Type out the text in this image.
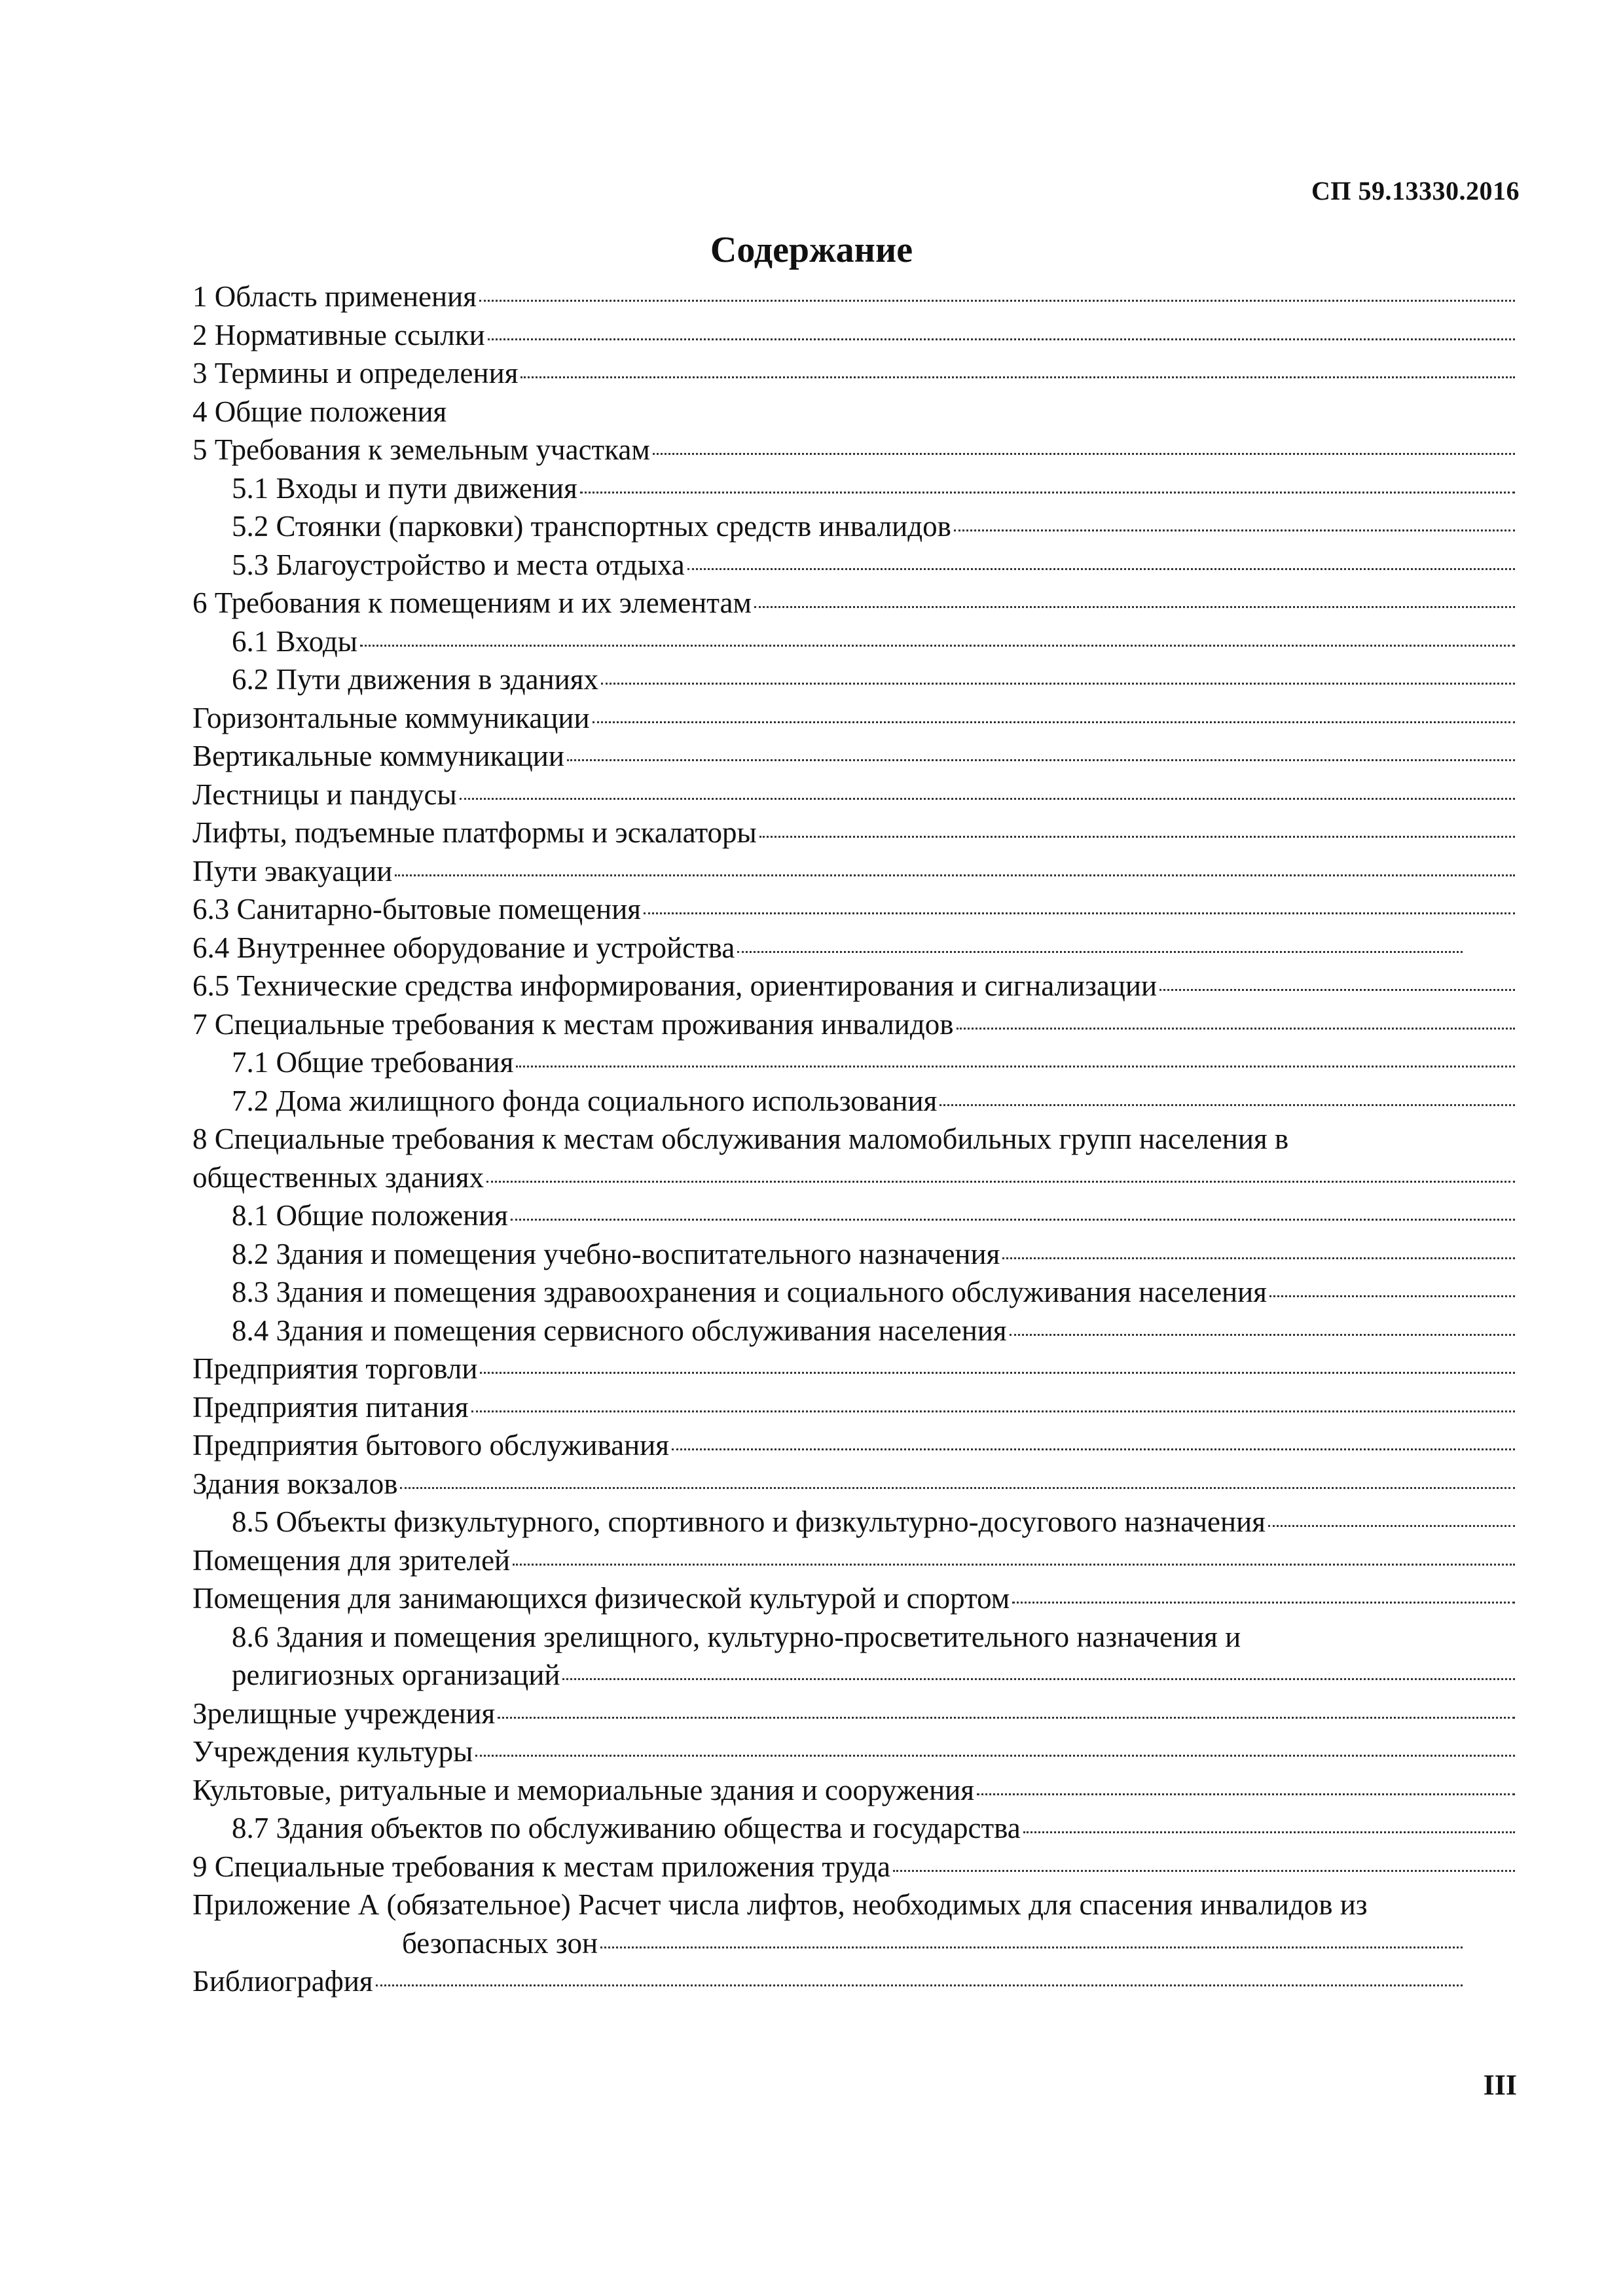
СП 59.13330.2016
Содержание
1 Область применения
2 Нормативные ссылки
3 Термины и определения
4 Общие положения
5 Требования к земельным участкам
5.1 Входы и пути движения
5.2 Стоянки (парковки) транспортных средств инвалидов
5.3 Благоустройство и места отдыха
6 Требования к помещениям и их элементам
6.1 Входы
6.2 Пути движения в зданиях
Горизонтальные коммуникации
Вертикальные коммуникации
Лестницы и пандусы
Лифты, подъемные платформы и эскалаторы
Пути эвакуации
6.3 Санитарно-бытовые помещения
6.4 Внутреннее оборудование и устройства
6.5 Технические средства информирования, ориентирования и сигнализации
7 Специальные требования к местам проживания инвалидов
7.1 Общие требования
7.2 Дома жилищного фонда социального использования
8 Специальные требования к местам обслуживания маломобильных групп населения в
общественных зданиях
8.1 Общие положения
8.2 Здания и помещения учебно-воспитательного назначения
8.3 Здания и помещения здравоохранения и социального обслуживания населения
8.4 Здания и помещения сервисного обслуживания населения
Предприятия торговли
Предприятия питания
Предприятия бытового обслуживания
Здания вокзалов
8.5 Объекты физкультурного, спортивного и физкультурно-досугового назначения
Помещения для зрителей
Помещения для занимающихся физической культурой и спортом
8.6 Здания и помещения зрелищного, культурно-просветительного назначения и
религиозных организаций
Зрелищные учреждения
Учреждения культуры
Культовые, ритуальные и мемориальные здания и сооружения
8.7 Здания объектов по обслуживанию общества и государства
9 Специальные требования к местам приложения труда
Приложение А (обязательное) Расчет числа лифтов, необходимых для спасения инвалидов из
безопасных зон
Библиография
III
